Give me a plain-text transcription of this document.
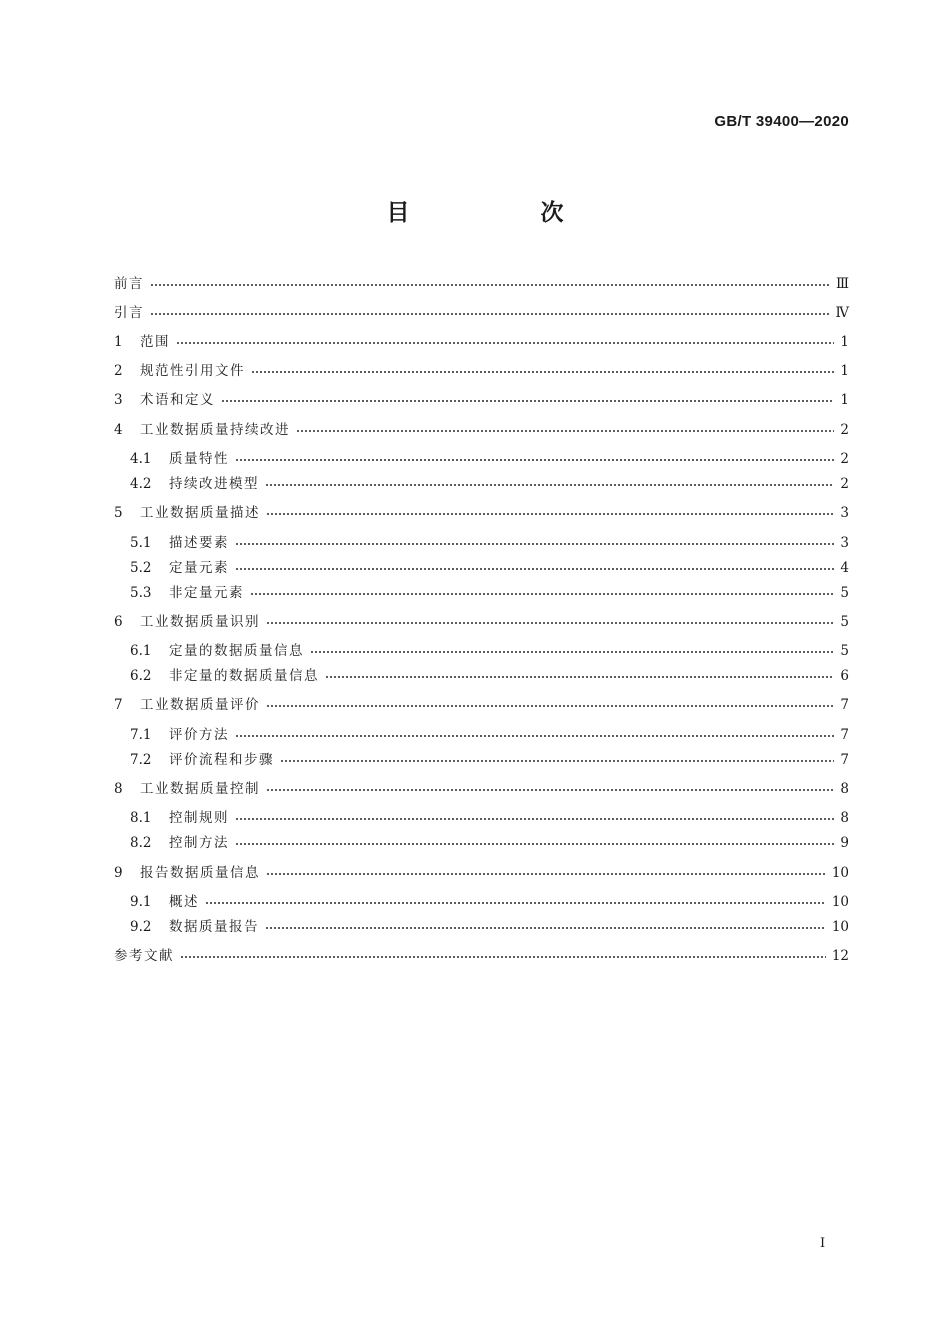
GB/T 39400—2020
目　次
前言	Ⅲ
引言	Ⅳ
1	范围	1
2	规范性引用文件	1
3	术语和定义	1
4	工业数据质量持续改进	2
4.1	质量特性	2
4.2	持续改进模型	2
5	工业数据质量描述	3
5.1	描述要素	3
5.2	定量元素	4
5.3	非定量元素	5
6	工业数据质量识别	5
6.1	定量的数据质量信息	5
6.2	非定量的数据质量信息	6
7	工业数据质量评价	7
7.1	评价方法	7
7.2	评价流程和步骤	7
8	工业数据质量控制	8
8.1	控制规则	8
8.2	控制方法	9
9	报告数据质量信息	10
9.1	概述	10
9.2	数据质量报告	10
参考文献	12
Ⅰ
